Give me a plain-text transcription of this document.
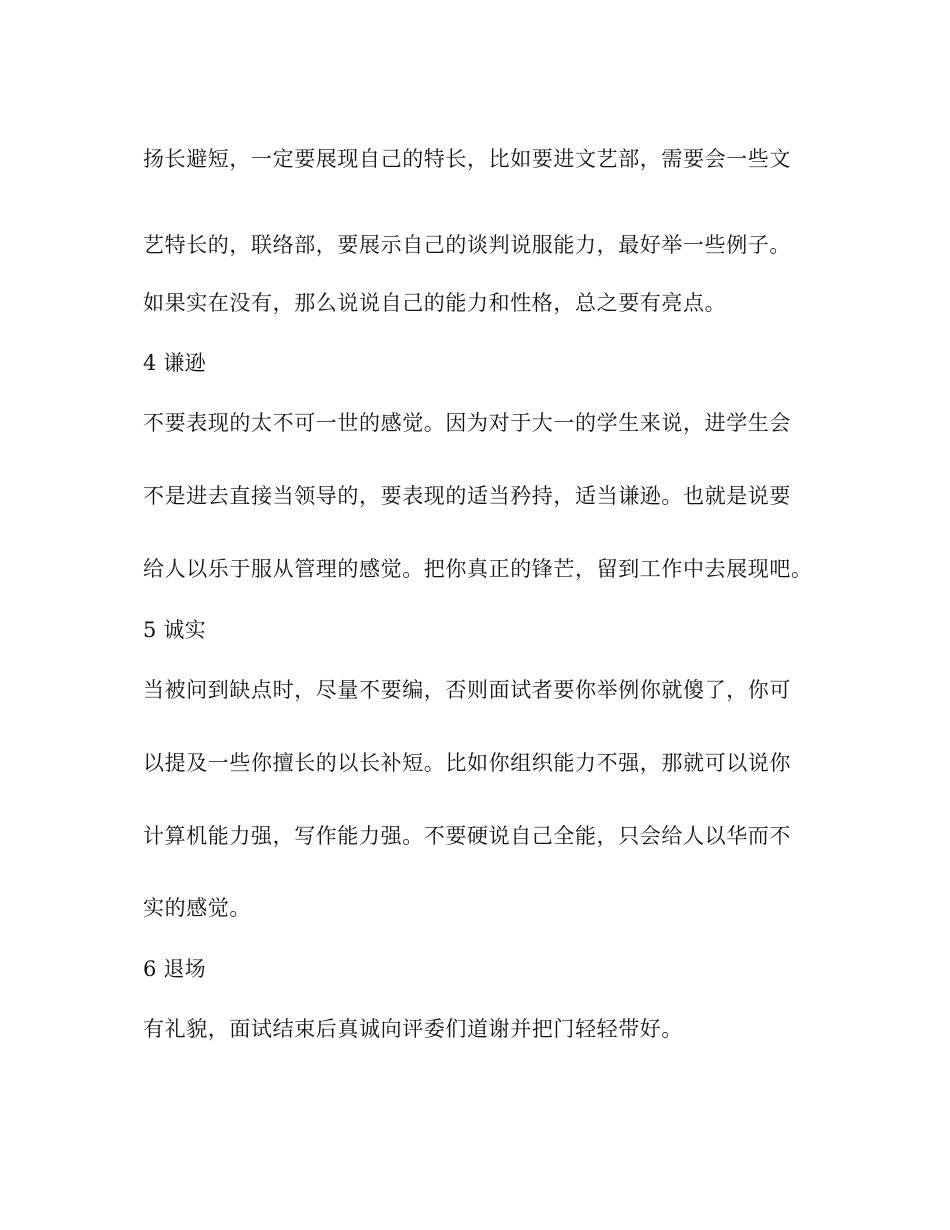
扬长避短，一定要展现自己的特长，比如要进文艺部，需要会一些文
艺特长的，联络部，要展示自己的谈判说服能力，最好举一些例子。
如果实在没有，那么说说自己的能力和性格，总之要有亮点。
4 谦逊
不要表现的太不可一世的感觉。因为对于大一的学生来说，进学生会
不是进去直接当领导的，要表现的适当矜持，适当谦逊。也就是说要
给人以乐于服从管理的感觉。把你真正的锋芒，留到工作中去展现吧。
5 诚实
当被问到缺点时，尽量不要编，否则面试者要你举例你就傻了，你可
以提及一些你擅长的以长补短。比如你组织能力不强，那就可以说你
计算机能力强，写作能力强。不要硬说自己全能，只会给人以华而不
实的感觉。
6 退场
有礼貌，面试结束后真诚向评委们道谢并把门轻轻带好。
